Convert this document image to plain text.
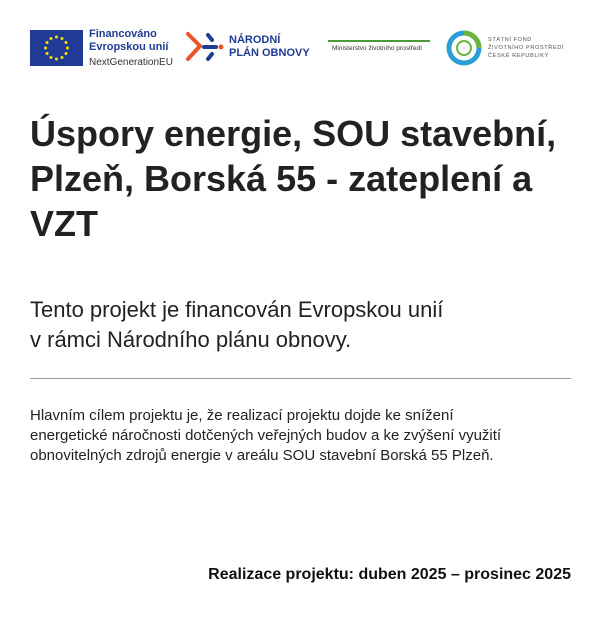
Financováno
Evropskou unií
NextGenerationEU
NÁRODNÍ
PLÁN OBNOVY	Ministerstvo životního prostředí
STÁTNÍ FOND
ŽIVOTNÍHO PROSTŘEDÍ
ČESKÉ REPUBLIKY
Úspory energie, SOU stavební, Plzeň, Borská 55 - zateplení a VZT
Tento projekt je financován Evropskou unií
v rámci Národního plánu obnovy.
Hlavním cílem projektu je, že realizací projektu dojde ke snížení
energetické náročnosti dotčených veřejných budov a ke zvýšení využití
obnovitelných zdrojů energie v areálu SOU stavební Borská 55 Plzeň.

Realizace projektu: duben 2025 – prosinec 2025
